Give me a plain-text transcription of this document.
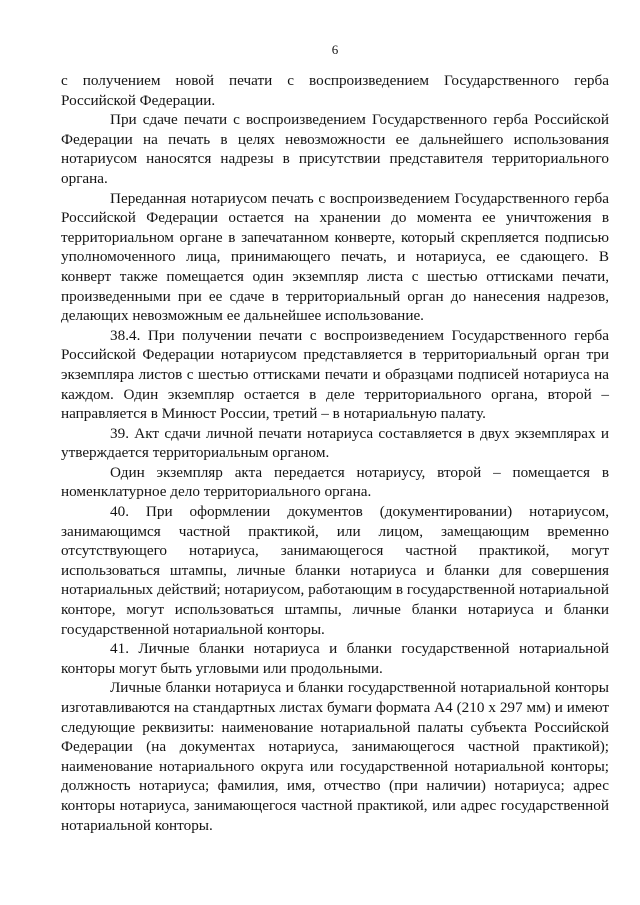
6

с получением новой печати с воспроизведением Государственного герба Российской Федерации.

При сдаче печати с воспроизведением Государственного герба Российской Федерации на печать в целях невозможности ее дальнейшего использования нотариусом наносятся надрезы в присутствии представителя территориального органа.

Переданная нотариусом печать с воспроизведением Государственного герба Российской Федерации остается на хранении до момента ее уничтожения в территориальном органе в запечатанном конверте, который скрепляется подписью уполномоченного лица, принимающего печать, и нотариуса, ее сдающего. В конверт также помещается один экземпляр листа с шестью оттисками печати, произведенными при ее сдаче в территориальный орган до нанесения надрезов, делающих невозможным ее дальнейшее использование.

38.4. При получении печати с воспроизведением Государственного герба Российской Федерации нотариусом представляется в территориальный орган три экземпляра листов с шестью оттисками печати и образцами подписей нотариуса на каждом. Один экземпляр остается в деле территориального органа, второй – направляется в Минюст России, третий – в нотариальную палату.

39. Акт сдачи личной печати нотариуса составляется в двух экземплярах и утверждается территориальным органом.

Один экземпляр акта передается нотариусу, второй – помещается в номенклатурное дело территориального органа.

40. При оформлении документов (документировании) нотариусом, занимающимся частной практикой, или лицом, замещающим временно отсутствующего нотариуса, занимающегося частной практикой, могут использоваться штампы, личные бланки нотариуса и бланки для совершения нотариальных действий; нотариусом, работающим в государственной нотариальной конторе, могут использоваться штампы, личные бланки нотариуса и бланки государственной нотариальной конторы.

41. Личные бланки нотариуса и бланки государственной нотариальной конторы могут быть угловыми или продольными.

Личные бланки нотариуса и бланки государственной нотариальной конторы изготавливаются на стандартных листах бумаги формата А4 (210 x 297 мм) и имеют следующие реквизиты: наименование нотариальной палаты субъекта Российской Федерации (на документах нотариуса, занимающегося частной практикой); наименование нотариального округа или государственной нотариальной конторы; должность нотариуса; фамилия, имя, отчество (при наличии) нотариуса; адрес конторы нотариуса, занимающегося частной практикой, или адрес государственной нотариальной конторы.
